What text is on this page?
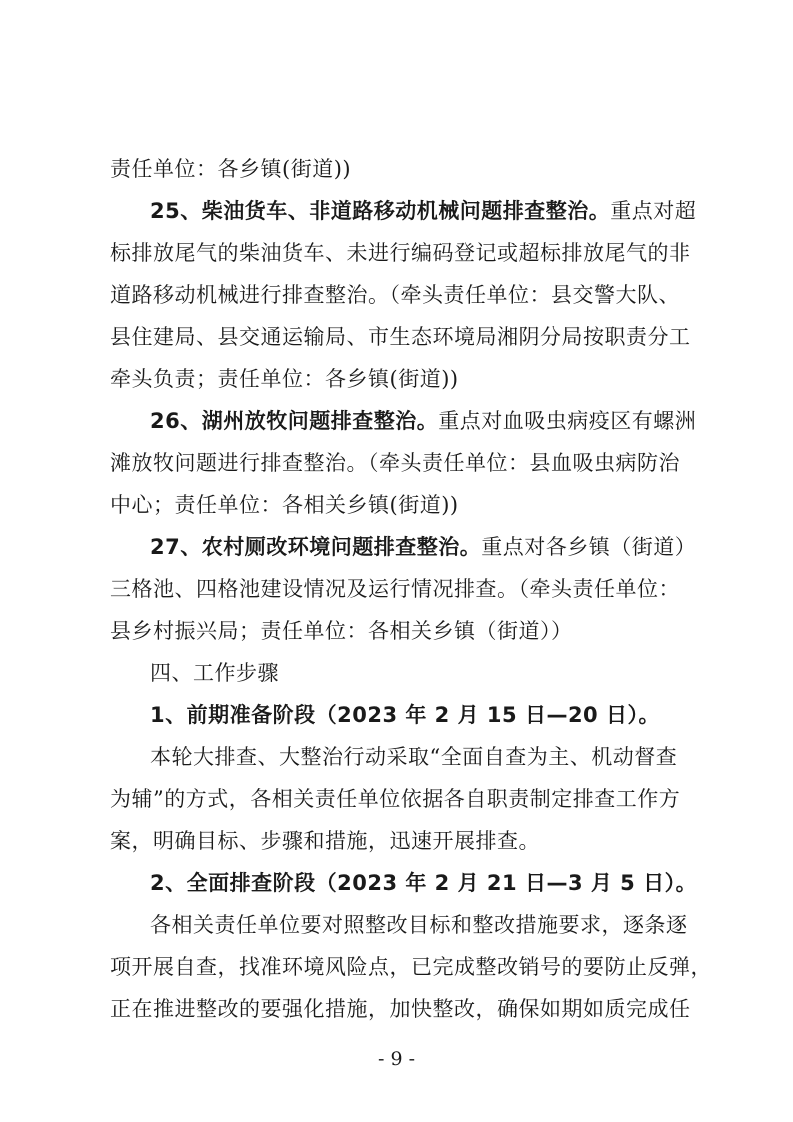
责任单位：各乡镇(街道))
25、柴油货车、非道路移动机械问题排查整治。重点对超
标排放尾气的柴油货车、未进行编码登记或超标排放尾气的非
道路移动机械进行排查整治。（牵头责任单位：县交警大队、
县住建局、县交通运输局、市生态环境局湘阴分局按职责分工
牵头负责；责任单位：各乡镇(街道))
26、湖州放牧问题排查整治。重点对血吸虫病疫区有螺洲
滩放牧问题进行排查整治。（牵头责任单位：县血吸虫病防治
中心；责任单位：各相关乡镇(街道))
27、农村厕改环境问题排查整治。重点对各乡镇（街道）
三格池、四格池建设情况及运行情况排查。（牵头责任单位：
县乡村振兴局；责任单位：各相关乡镇（街道））
四、工作步骤
1、前期准备阶段（2023 年 2 月 15 日—20 日）。
本轮大排查、大整治行动采取“全面自查为主、机动督查
为辅”的方式，各相关责任单位依据各自职责制定排查工作方
案，明确目标、步骤和措施，迅速开展排查。
2、全面排查阶段（2023 年 2 月 21 日—3 月 5 日）。
各相关责任单位要对照整改目标和整改措施要求，逐条逐
项开展自查，找准环境风险点，已完成整改销号的要防止反弹，
正在推进整改的要强化措施，加快整改，确保如期如质完成任
- 9 -
